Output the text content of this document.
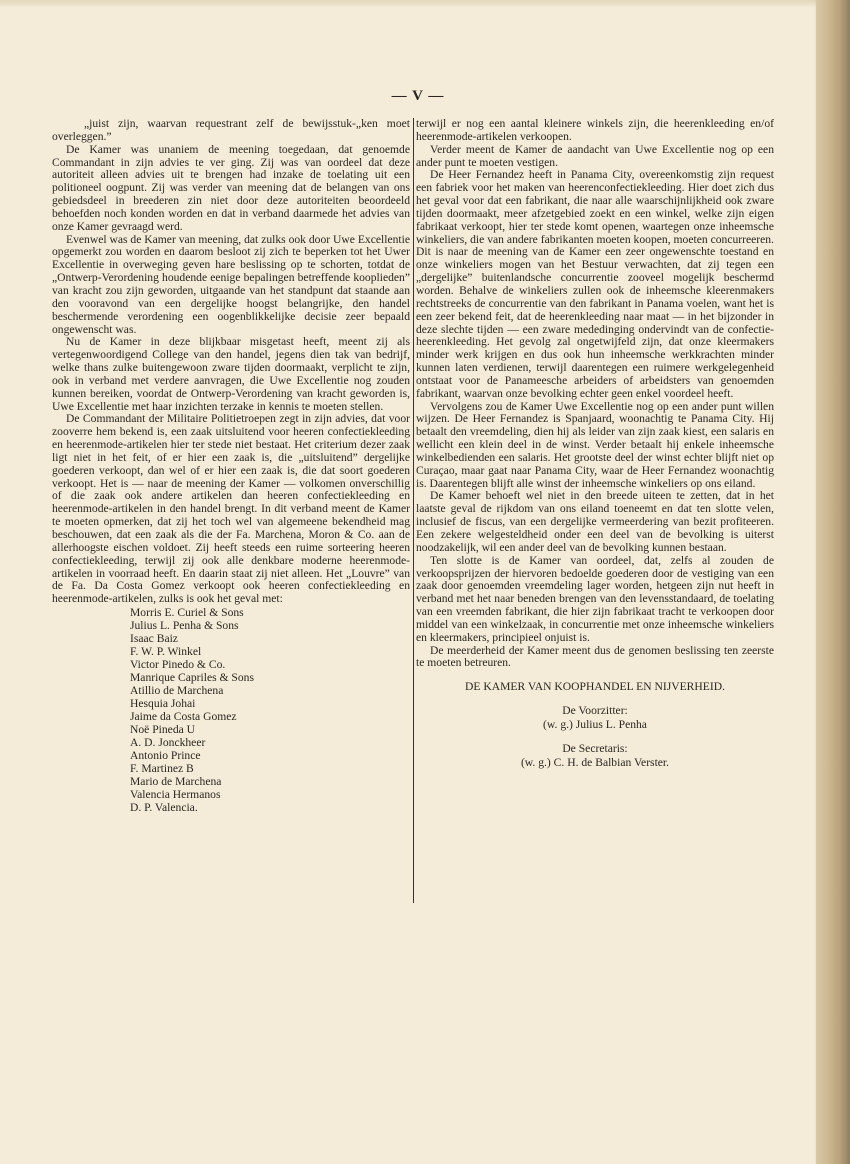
— V —

„juist zijn, waarvan requestrant zelf de bewijsstuk-„ken moet overleggen.”

De Kamer was unaniem de meening toegedaan, dat genoemde Commandant in zijn advies te ver ging. Zij was van oordeel dat deze autoriteit alleen advies uit te brengen had inzake de toelating uit een politioneel oogpunt. Zij was verder van meening dat de belangen van ons gebiedsdeel in breederen zin niet door deze autoriteiten beoordeeld behoefden noch konden worden en dat in verband daarmede het advies van onze Kamer gevraagd werd.

Evenwel was de Kamer van meening, dat zulks ook door Uwe Excellentie opgemerkt zou worden en daarom besloot zij zich te beperken tot het Uwer Excellentie in overweging geven hare beslissing op te schorten, totdat de „Ontwerp-Verordening houdende eenige bepalingen betreffende kooplieden” van kracht zou zijn geworden, uitgaande van het standpunt dat staande aan den vooravond van een dergelijke hoogst belangrijke, den handel beschermende verordening een oogenblikkelijke decisie zeer bepaald ongewenscht was.

Nu de Kamer in deze blijkbaar misgetast heeft, meent zij als vertegenwoordigend College van den handel, jegens dien tak van bedrijf, welke thans zulke buitengewoon zware tijden doormaakt, verplicht te zijn, ook in verband met verdere aanvragen, die Uwe Excellentie nog zouden kunnen bereiken, voordat de Ontwerp-Verordening van kracht geworden is, Uwe Excellentie met haar inzichten terzake in kennis te moeten stellen.

De Commandant der Militaire Politietroepen zegt in zijn advies, dat voor zooverre hem bekend is, een zaak uitsluitend voor heeren confectiekleeding en heerenmode-artikelen hier ter stede niet bestaat. Het criterium dezer zaak ligt niet in het feit, of er hier een zaak is, die „uitsluitend” dergelijke goederen verkoopt, dan wel of er hier een zaak is, die dat soort goederen verkoopt. Het is — naar de meening der Kamer — volkomen onverschillig of die zaak ook andere artikelen dan heeren confectiekleeding en heerenmode-artikelen in den handel brengt. In dit verband meent de Kamer te moeten opmerken, dat zij het toch wel van algemeene bekendheid mag beschouwen, dat een zaak als die der Fa. Marchena, Moron & Co. aan de allerhoogste eischen voldoet. Zij heeft steeds een ruime sorteering heeren confectiekleeding, terwijl zij ook alle denkbare moderne heerenmode-artikelen in voorraad heeft. En daarin staat zij niet alleen. Het „Louvre” van de Fa. Da Costa Gomez verkoopt ook heeren confectiekleeding en heerenmode-artikelen, zulks is ook het geval met:

Morris E. Curiel & Sons
Julius L. Penha & Sons
Isaac Baiz
F. W. P. Winkel
Victor Pinedo & Co.
Manrique Capriles & Sons
Atillio de Marchena
Hesquia Johai
Jaime da Costa Gomez
Noë Pineda U
A. D. Jonckheer
Antonio Prince
F. Martinez B
Mario de Marchena
Valencia Hermanos
D. P. Valencia.

terwijl er nog een aantal kleinere winkels zijn, die heerenkleeding en/of heerenmode-artikelen verkoopen.

Verder meent de Kamer de aandacht van Uwe Excellentie nog op een ander punt te moeten vestigen.

De Heer Fernandez heeft in Panama City, overeenkomstig zijn request een fabriek voor het maken van heerenconfectiekleeding. Hier doet zich dus het geval voor dat een fabrikant, die naar alle waarschijnlijkheid ook zware tijden doormaakt, meer afzetgebied zoekt en een winkel, welke zijn eigen fabrikaat verkoopt, hier ter stede komt openen, waartegen onze inheemsche winkeliers, die van andere fabrikanten moeten koopen, moeten concurreeren. Dit is naar de meening van de Kamer een zeer ongewenschte toestand en onze winkeliers mogen van het Bestuur verwachten, dat zij tegen een „dergelijke” buitenlandsche concurrentie zooveel mogelijk beschermd worden. Behalve de winkeliers zullen ook de inheemsche kleerenmakers rechtstreeks de concurrentie van den fabrikant in Panama voelen, want het is een zeer bekend feit, dat de heerenkleeding naar maat — in het bijzonder in deze slechte tijden — een zware mededinging ondervindt van de confectie-heerenkleeding. Het gevolg zal ongetwijfeld zijn, dat onze kleermakers minder werk krijgen en dus ook hun inheemsche werkkrachten minder kunnen laten verdienen, terwijl daarentegen een ruimere werkgelegenheid ontstaat voor de Panameesche arbeiders of arbeidsters van genoemden fabrikant, waarvan onze bevolking echter geen enkel voordeel heeft.

Vervolgens zou de Kamer Uwe Excellentie nog op een ander punt willen wijzen. De Heer Fernandez is Spanjaard, woonachtig te Panama City. Hij betaalt den vreemdeling, dien hij als leider van zijn zaak kiest, een salaris en wellicht een klein deel in de winst. Verder betaalt hij enkele inheemsche winkelbedienden een salaris. Het grootste deel der winst echter blijft niet op Curaçao, maar gaat naar Panama City, waar de Heer Fernandez woonachtig is. Daarentegen blijft alle winst der inheemsche winkeliers op ons eiland.

De Kamer behoeft wel niet in den breede uiteen te zetten, dat in het laatste geval de rijkdom van ons eiland toeneemt en dat ten slotte velen, inclusief de fiscus, van een dergelijke vermeerdering van bezit profiteeren. Een zekere welgesteldheid onder een deel van de bevolking is uiterst noodzakelijk, wil een ander deel van de bevolking kunnen bestaan.

Ten slotte is de Kamer van oordeel, dat, zelfs al zouden de verkoopsprijzen der hiervoren bedoelde goederen door de vestiging van een zaak door genoemden vreemdeling lager worden, hetgeen zijn nut heeft in verband met het naar beneden brengen van den levensstandaard, de toelating van een vreemden fabrikant, die hier zijn fabrikaat tracht te verkoopen door middel van een winkelzaak, in concurrentie met onze inheemsche winkeliers en kleermakers, principieel onjuist is.

De meerderheid der Kamer meent dus de genomen beslissing ten zeerste te moeten betreuren.

DE KAMER VAN KOOPHANDEL EN NIJVERHEID.
De Voorzitter:
(w. g.) Julius L. Penha
De Secretaris:
(w. g.) C. H. de Balbian Verster.
